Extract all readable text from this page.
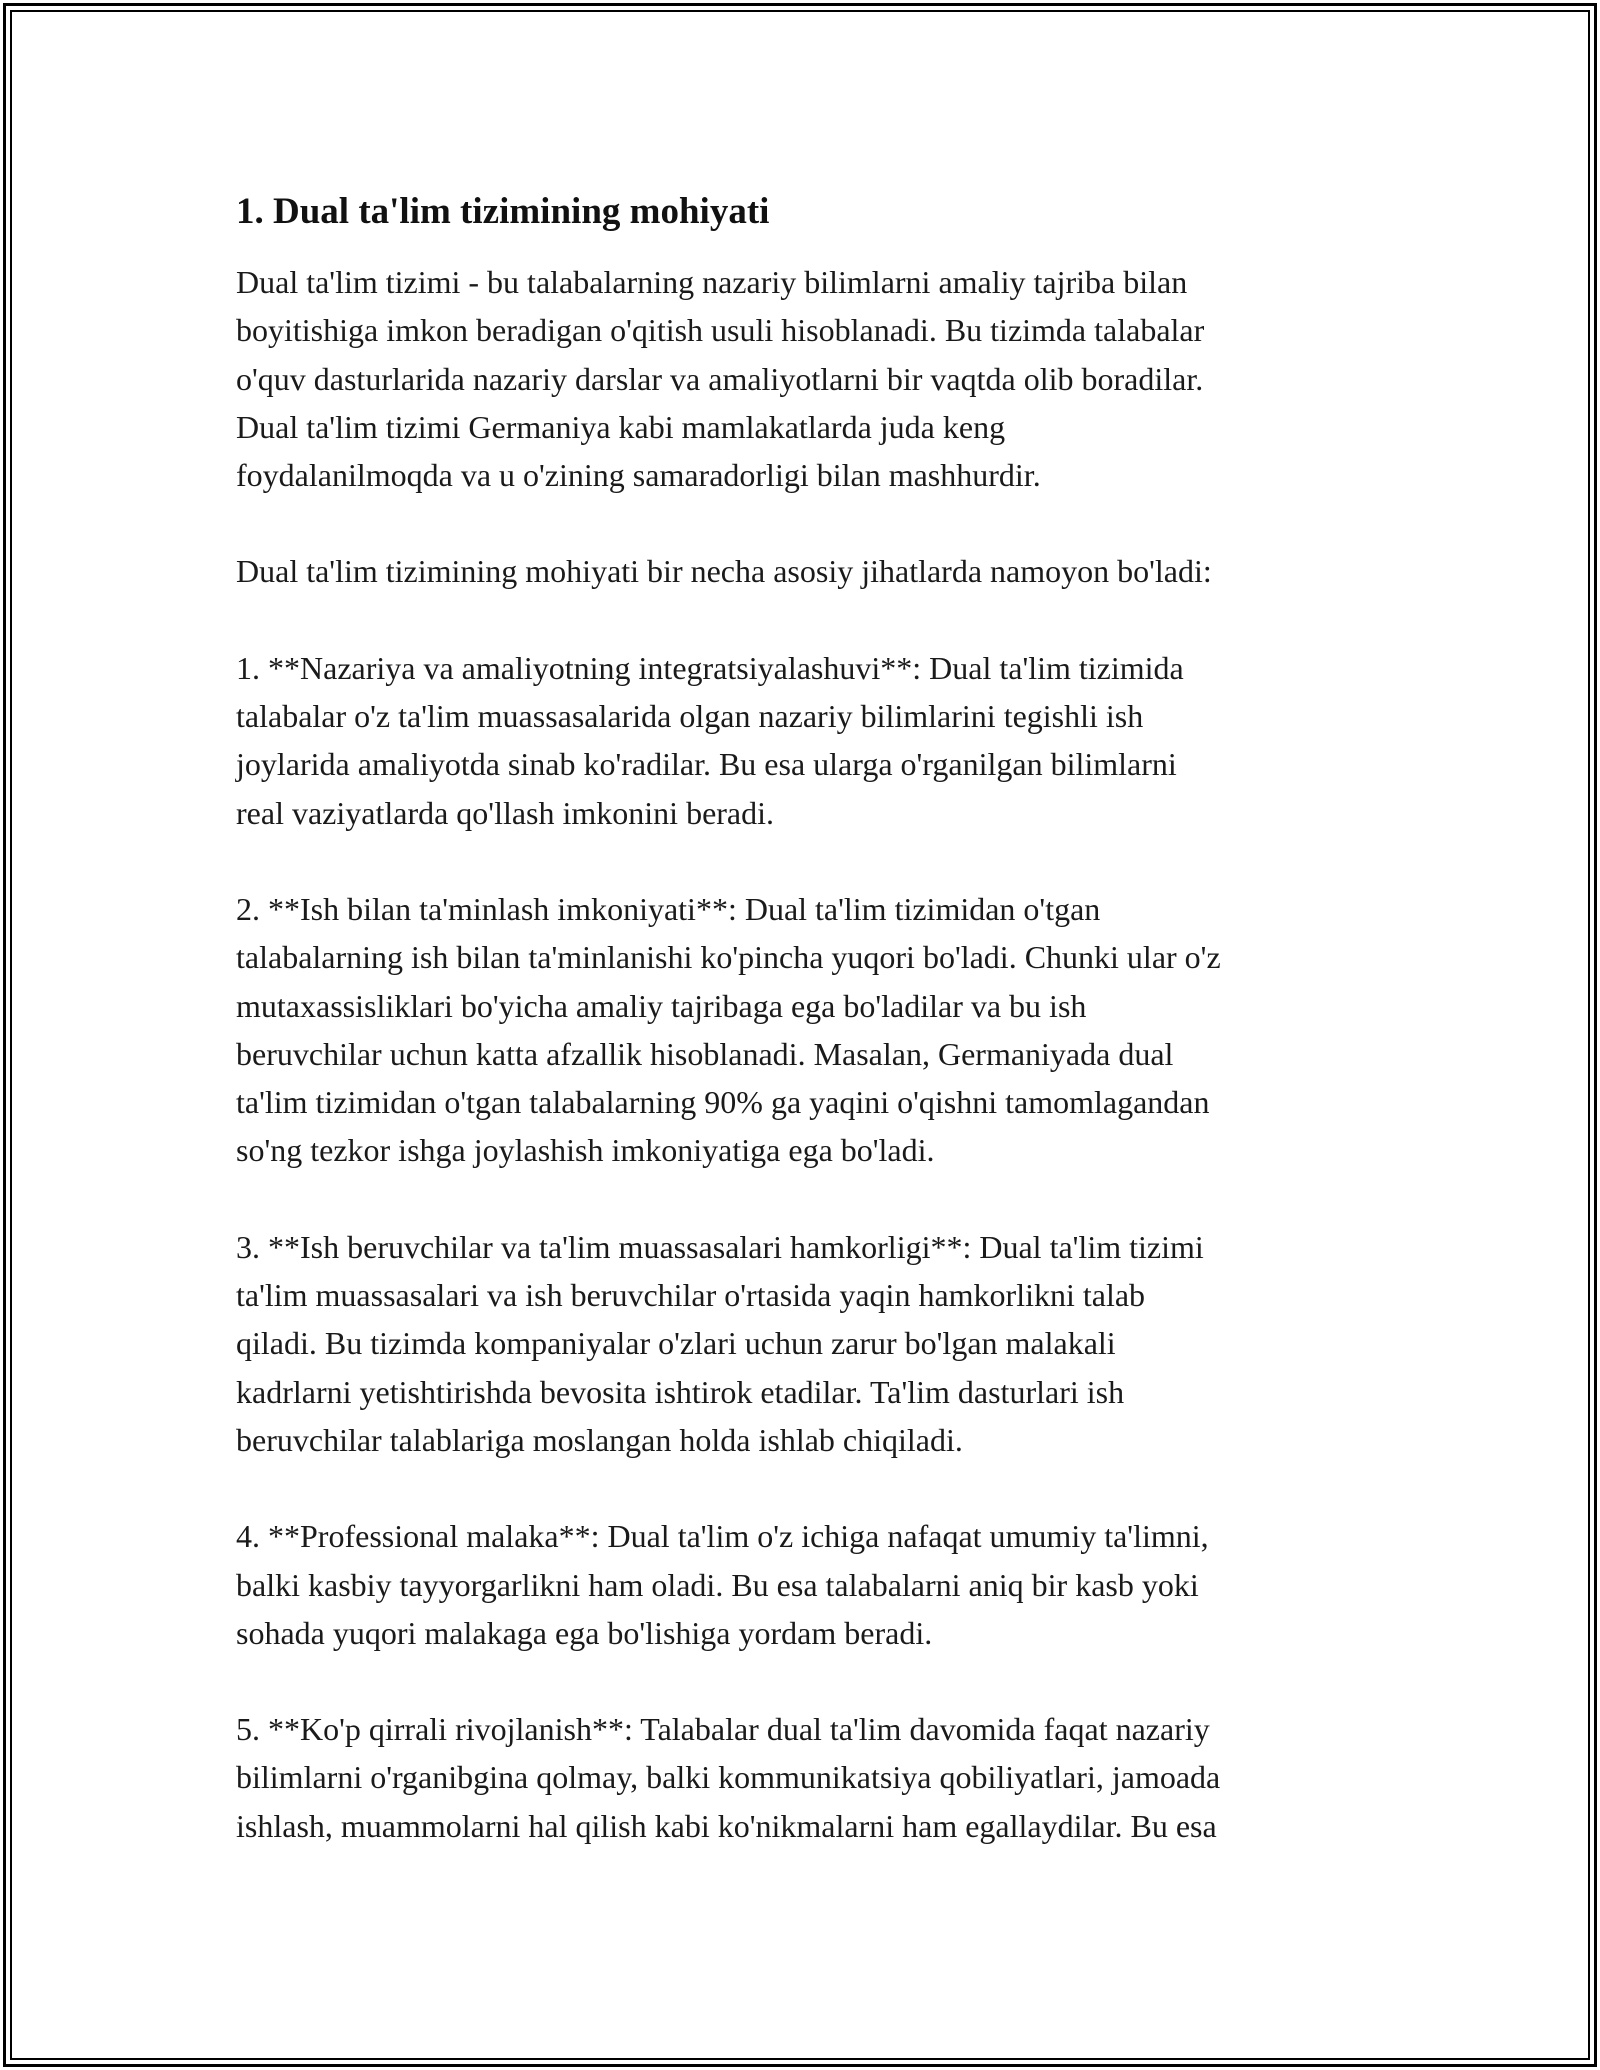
1. Dual ta'lim tizimining mohiyati

Dual ta'lim tizimi - bu talabalarning nazariy bilimlarni amaliy tajriba bilan
boyitishiga imkon beradigan o'qitish usuli hisoblanadi. Bu tizimda talabalar
o'quv dasturlarida nazariy darslar va amaliyotlarni bir vaqtda olib boradilar.
Dual ta'lim tizimi Germaniya kabi mamlakatlarda juda keng
foydalanilmoqda va u o'zining samaradorligi bilan mashhurdir.

Dual ta'lim tizimining mohiyati bir necha asosiy jihatlarda namoyon bo'ladi:

1. **Nazariya va amaliyotning integratsiyalashuvi**: Dual ta'lim tizimida
talabalar o'z ta'lim muassasalarida olgan nazariy bilimlarini tegishli ish
joylarida amaliyotda sinab ko'radilar. Bu esa ularga o'rganilgan bilimlarni
real vaziyatlarda qo'llash imkonini beradi.

2. **Ish bilan ta'minlash imkoniyati**: Dual ta'lim tizimidan o'tgan
talabalarning ish bilan ta'minlanishi ko'pincha yuqori bo'ladi. Chunki ular o'z
mutaxassisliklari bo'yicha amaliy tajribaga ega bo'ladilar va bu ish
beruvchilar uchun katta afzallik hisoblanadi. Masalan, Germaniyada dual
ta'lim tizimidan o'tgan talabalarning 90% ga yaqini o'qishni tamomlagandan
so'ng tezkor ishga joylashish imkoniyatiga ega bo'ladi.

3. **Ish beruvchilar va ta'lim muassasalari hamkorligi**: Dual ta'lim tizimi
ta'lim muassasalari va ish beruvchilar o'rtasida yaqin hamkorlikni talab
qiladi. Bu tizimda kompaniyalar o'zlari uchun zarur bo'lgan malakali
kadrlarni yetishtirishda bevosita ishtirok etadilar. Ta'lim dasturlari ish
beruvchilar talablariga moslangan holda ishlab chiqiladi.

4. **Professional malaka**: Dual ta'lim o'z ichiga nafaqat umumiy ta'limni,
balki kasbiy tayyorgarlikni ham oladi. Bu esa talabalarni aniq bir kasb yoki
sohada yuqori malakaga ega bo'lishiga yordam beradi.

5. **Ko'p qirrali rivojlanish**: Talabalar dual ta'lim davomida faqat nazariy
bilimlarni o'rganibgina qolmay, balki kommunikatsiya qobiliyatlari, jamoada
ishlash, muammolarni hal qilish kabi ko'nikmalarni ham egallaydilar. Bu esa
